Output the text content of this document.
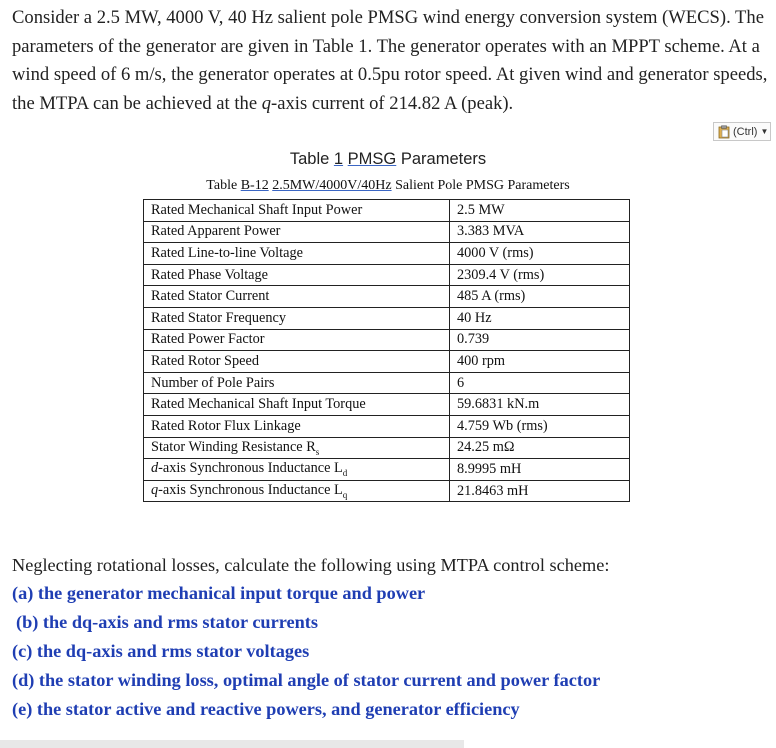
Consider a 2.5 MW, 4000 V, 40 Hz salient pole PMSG wind energy conversion system (WECS). The parameters of the generator are given in Table 1. The generator operates with an MPPT scheme. At a wind speed of 6 m/s, the generator operates at 0.5pu rotor speed. At given wind and generator speeds, the MTPA can be achieved at the q-axis current of 214.82 A (peak).

(Ctrl) ▼
Table 1 PMSG Parameters
Table B-12 2.5MW/4000V/40Hz Salient Pole PMSG Parameters
Rated Mechanical Shaft Input Power	2.5 MW
Rated Apparent Power	3.383 MVA
Rated Line-to-line Voltage	4000 V (rms)
Rated Phase Voltage	2309.4 V (rms)
Rated Stator Current	485 A (rms)
Rated Stator Frequency	40 Hz
Rated Power Factor	0.739
Rated Rotor Speed	400 rpm
Number of Pole Pairs	6
Rated Mechanical Shaft Input Torque	59.6831 kN.m
Rated Rotor Flux Linkage	4.759 Wb (rms)
Stator Winding Resistance $R_s$	24.25 mΩ
d-axis Synchronous Inductance $L_d$	8.9995 mH
q-axis Synchronous Inductance $L_q$	21.8463 mH
Neglecting rotational losses, calculate the following using MTPA control scheme:
(a) the generator mechanical input torque and power
(b) the dq-axis and rms stator currents
(c) the dq-axis and rms stator voltages
(d) the stator winding loss, optimal angle of stator current and power factor
(e) the stator active and reactive powers, and generator efficiency
